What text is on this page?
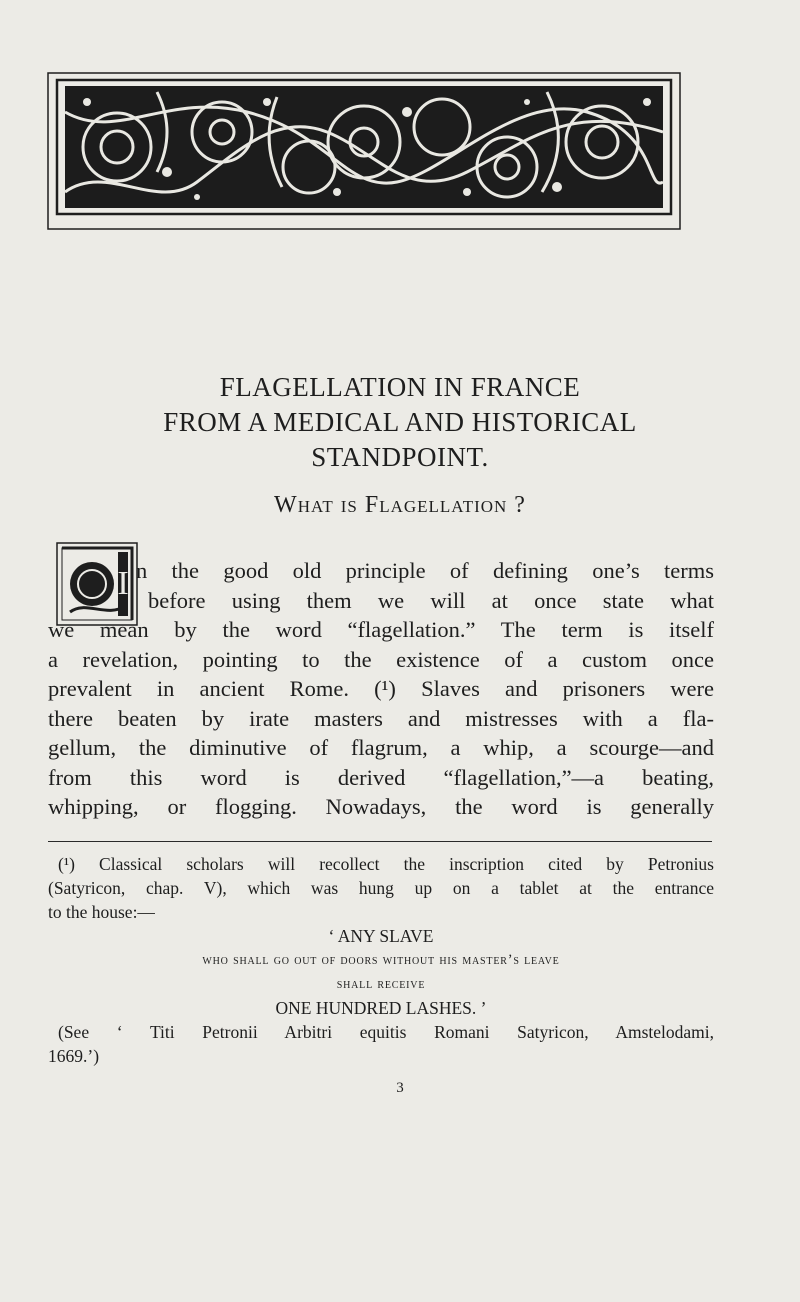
FLAGELLATION IN FRANCE
FROM A MEDICAL AND HISTORICAL
STANDPOINT.
What is Flagellation ?
I n the good old principle of defining one’s terms
before using them we will at once state what
we mean by the word “flagellation.” The term is itself
a revelation, pointing to the existence of a custom once
prevalent in ancient Rome. (¹) Slaves and prisoners were
there beaten by irate masters and mistresses with a fla-
gellum, the diminutive of flagrum, a whip, a scourge—and
from this word is derived “flagellation,”—a beating,
whipping, or flogging. Nowadays, the word is generally
(¹) Classical scholars will recollect the inscription cited by Petronius
(Satyricon, chap. V), which was hung up on a tablet at the entrance
to the house:—
‘ ANY SLAVE
who shall go out of doors without his master’s leave
shall receive
ONE HUNDRED LASHES. ’
(See ‘ Titi Petronii Arbitri equitis Romani Satyricon, Amstelodami,
1669.’)
3
